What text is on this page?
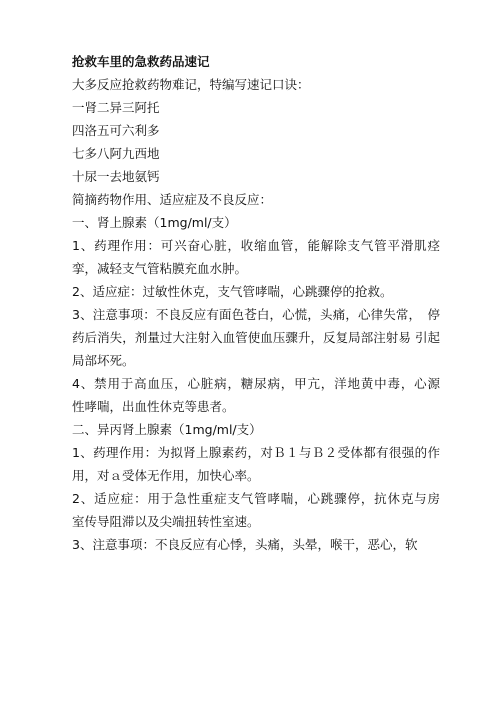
抢救车里的急救药品速记

大多反应抢救药物难记，特编写速记口诀：

一肾二异三阿托

四洛五可六利多

七多八阿九西地

十尿一去地氨钙

简摘药物作用、适应症及不良反应：

一、肾上腺素（1mg/ml/支）

1、药理作用：可兴奋心脏，收缩血管，能解除支气管平滑肌痉 挛，减轻支气管粘膜充血水肿。

2、适应症：过敏性休克，支气管哮喘，心跳骤停的抢救。

3、注意事项：不良反应有面色苍白，心慌，头痛，心律失常，　停药后消失，剂量过大注射入血管使血压骤升，反复局部注射易 引起局部坏死。

4、禁用于高血压，心脏病，糖尿病，甲亢，洋地黄中毒，心源　性哮喘，出血性休克等患者。

二、异丙肾上腺素（1mg/ml/支）

1、药理作用：为拟肾上腺素药，对Ｂ１与Ｂ２受体都有很强的作用，对ａ受体无作用，加快心率。

2、适应症：用于急性重症支气管哮喘，心跳骤停，抗休克与房　室传导阻滞以及尖端扭转性室速。

3、注意事项：不良反应有心悸，头痛，头晕，喉干，恶心，软
